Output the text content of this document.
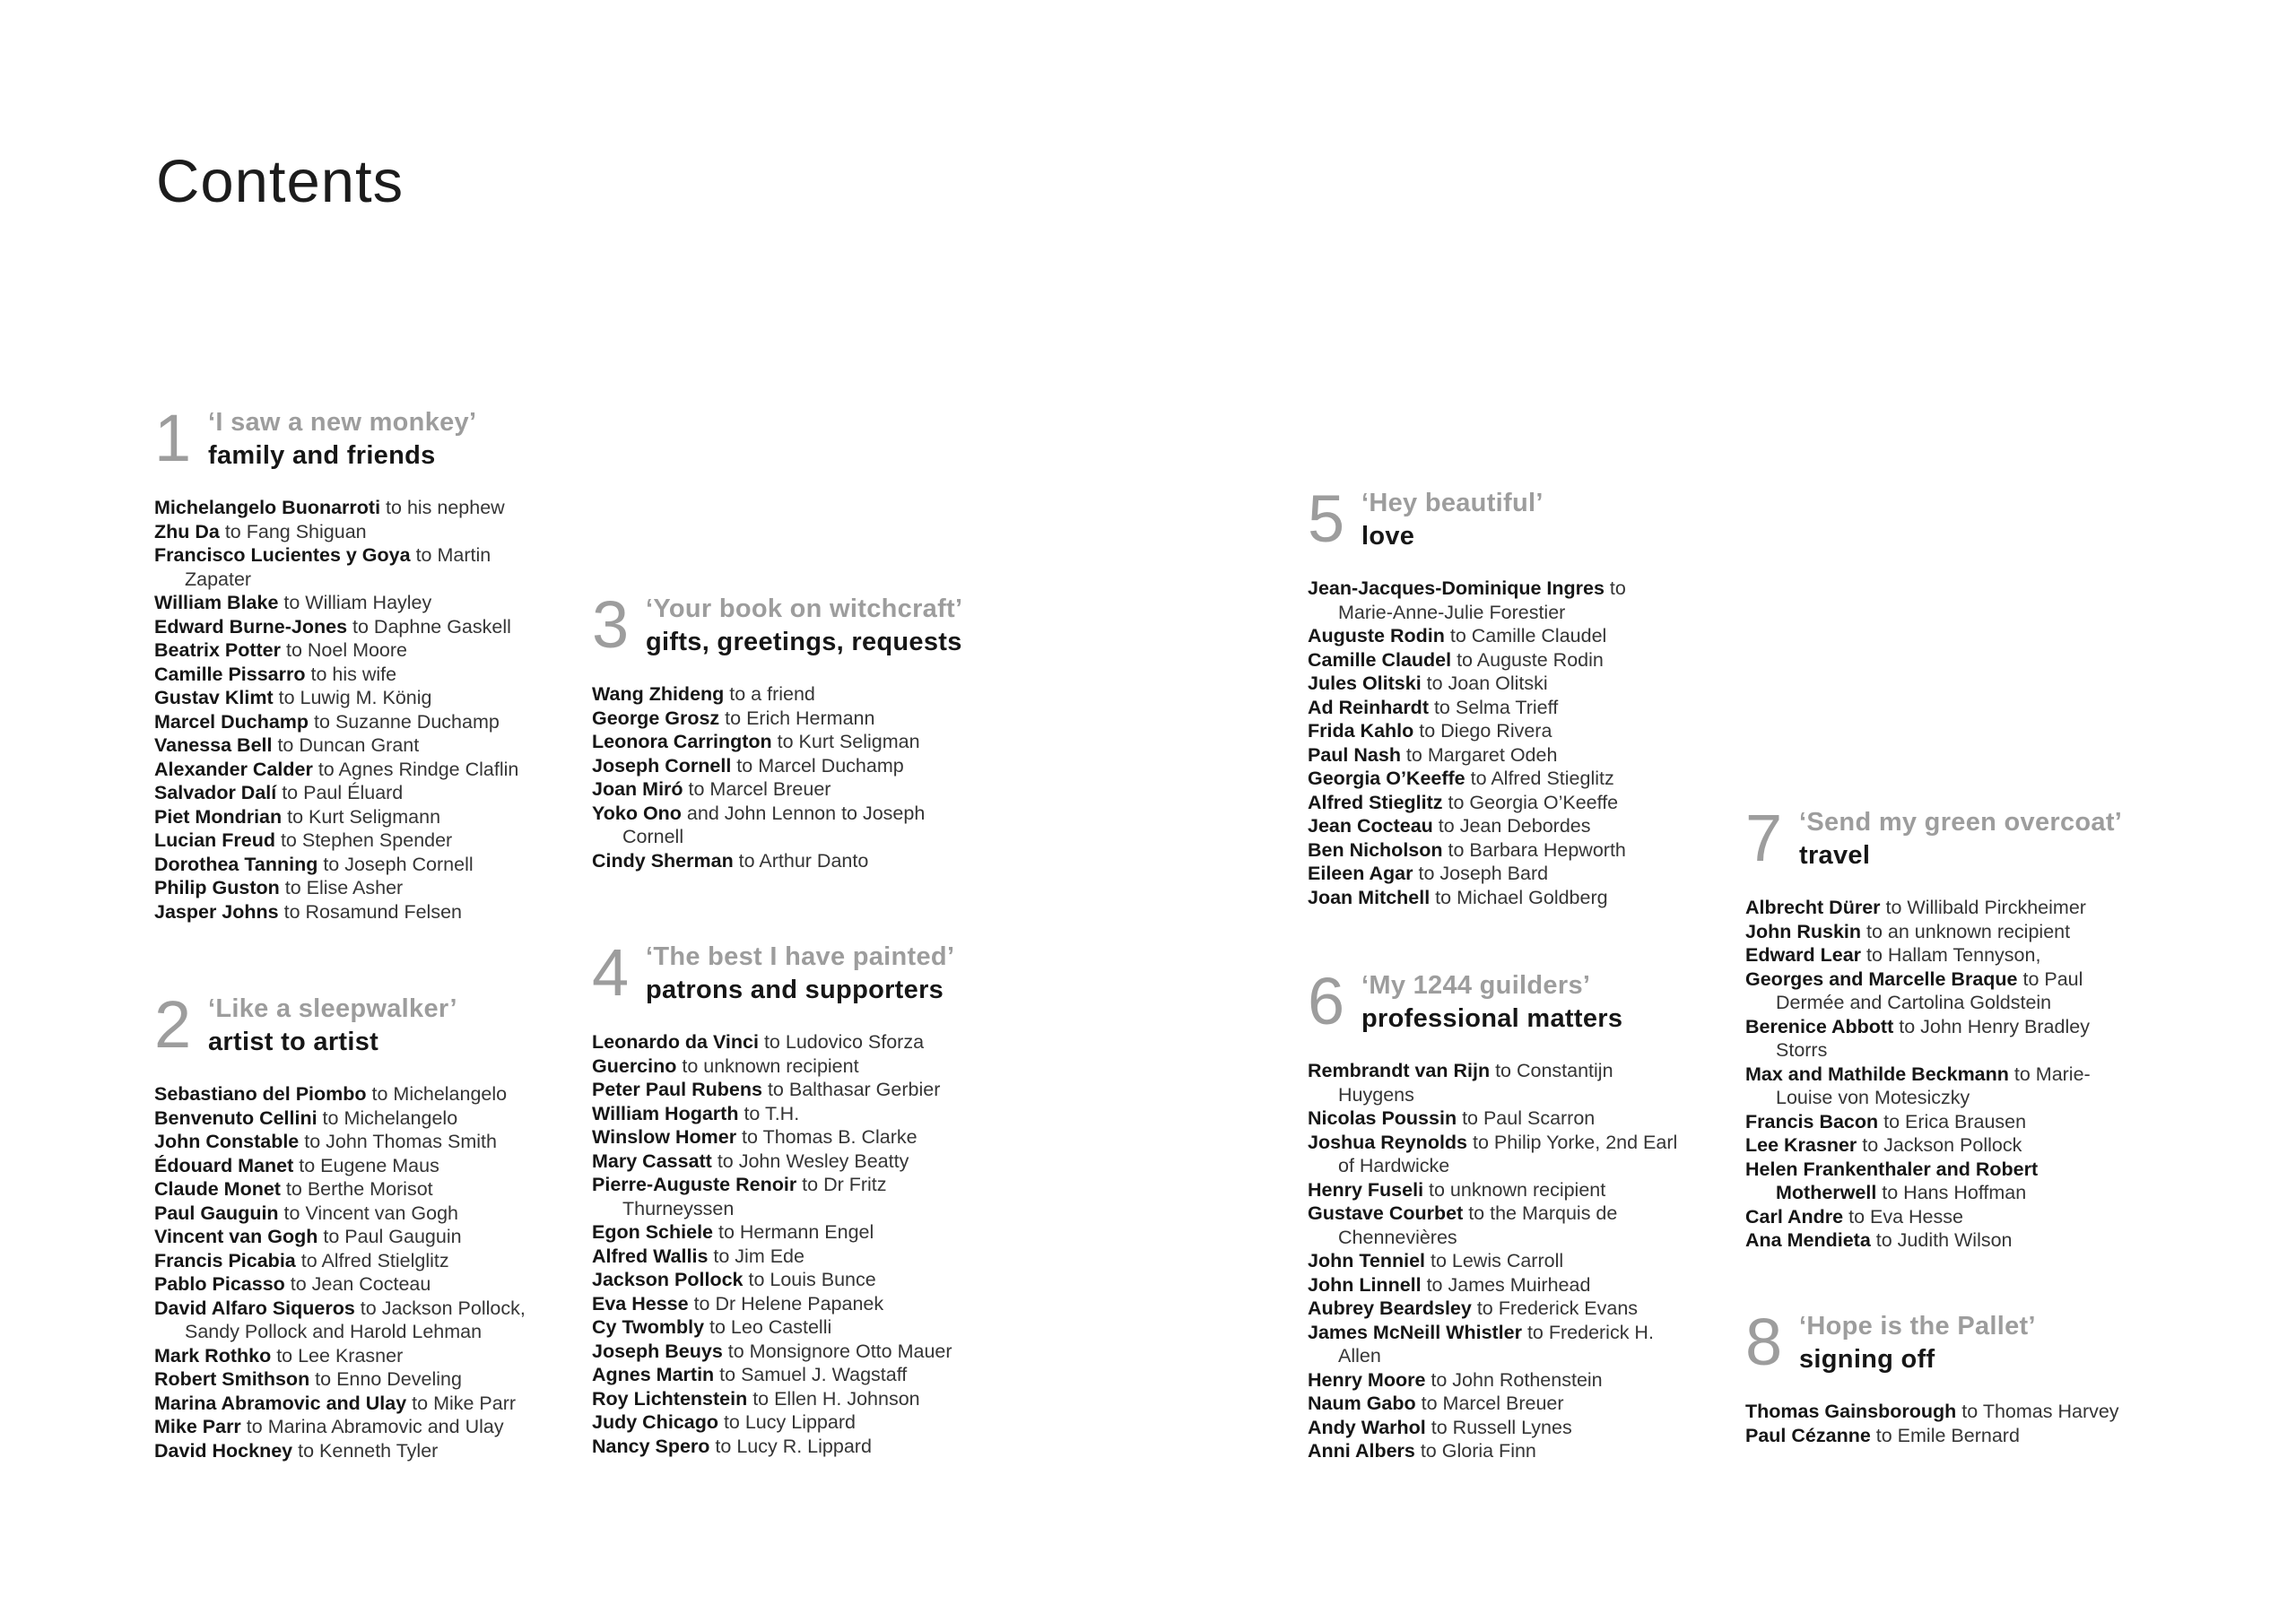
Contents
1 ‘I saw a new monkey’
family and friends
Michelangelo Buonarroti to his nephew
Zhu Da to Fang Shiguan
Francisco Lucientes y Goya to Martin
Zapater
William Blake to William Hayley
Edward Burne-Jones to Daphne Gaskell
Beatrix Potter to Noel Moore
Camille Pissarro to his wife
Gustav Klimt to Luwig M. König
Marcel Duchamp to Suzanne Duchamp
Vanessa Bell to Duncan Grant
Alexander Calder to Agnes Rindge Claflin
Salvador Dalí to Paul Éluard
Piet Mondrian to Kurt Seligmann
Lucian Freud to Stephen Spender
Dorothea Tanning to Joseph Cornell
Philip Guston to Elise Asher
Jasper Johns to Rosamund Felsen
2 ‘Like a sleepwalker’
artist to artist
Sebastiano del Piombo to Michelangelo
Benvenuto Cellini to Michelangelo
John Constable to John Thomas Smith
Édouard Manet to Eugene Maus
Claude Monet to Berthe Morisot
Paul Gauguin to Vincent van Gogh
Vincent van Gogh to Paul Gauguin
Francis Picabia to Alfred Stielglitz
Pablo Picasso to Jean Cocteau
David Alfaro Siqueros to Jackson Pollock,
Sandy Pollock and Harold Lehman
Mark Rothko to Lee Krasner
Robert Smithson to Enno Develing
Marina Abramovic and Ulay to Mike Parr
Mike Parr to Marina Abramovic and Ulay
David Hockney to Kenneth Tyler
3 ‘Your book on witchcraft’
gifts, greetings, requests
Wang Zhideng to a friend
George Grosz to Erich Hermann
Leonora Carrington to Kurt Seligman
Joseph Cornell to Marcel Duchamp
Joan Miró to Marcel Breuer
Yoko Ono and John Lennon to Joseph
Cornell
Cindy Sherman to Arthur Danto
4 ‘The best I have painted’
patrons and supporters
Leonardo da Vinci to Ludovico Sforza
Guercino to unknown recipient
Peter Paul Rubens to Balthasar Gerbier
William Hogarth to T.H.
Winslow Homer to Thomas B. Clarke
Mary Cassatt to John Wesley Beatty
Pierre-Auguste Renoir to Dr Fritz
Thurneyssen
Egon Schiele to Hermann Engel
Alfred Wallis to Jim Ede
Jackson Pollock to Louis Bunce
Eva Hesse to Dr Helene Papanek
Cy Twombly to Leo Castelli
Joseph Beuys to Monsignore Otto Mauer
Agnes Martin to Samuel J. Wagstaff
Roy Lichtenstein to Ellen H. Johnson
Judy Chicago to Lucy Lippard
Nancy Spero to Lucy R. Lippard
5 ‘Hey beautiful’
love
Jean-Jacques-Dominique Ingres to
Marie-Anne-Julie Forestier
Auguste Rodin to Camille Claudel
Camille Claudel to Auguste Rodin
Jules Olitski to Joan Olitski
Ad Reinhardt to Selma Trieff
Frida Kahlo to Diego Rivera
Paul Nash to Margaret Odeh
Georgia O’Keeffe to Alfred Stieglitz
Alfred Stieglitz to Georgia O’Keeffe
Jean Cocteau to Jean Debordes
Ben Nicholson to Barbara Hepworth
Eileen Agar to Joseph Bard
Joan Mitchell to Michael Goldberg
6 ‘My 1244 guilders’
professional matters
Rembrandt van Rijn to Constantijn
Huygens
Nicolas Poussin to Paul Scarron
Joshua Reynolds to Philip Yorke, 2nd Earl
of Hardwicke
Henry Fuseli to unknown recipient
Gustave Courbet to the Marquis de
Chennevières
John Tenniel to Lewis Carroll
John Linnell to James Muirhead
Aubrey Beardsley to Frederick Evans
James McNeill Whistler to Frederick H.
Allen
Henry Moore to John Rothenstein
Naum Gabo to Marcel Breuer
Andy Warhol to Russell Lynes
Anni Albers to Gloria Finn
7 ‘Send my green overcoat’
travel
Albrecht Dürer to Willibald Pirckheimer
John Ruskin to an unknown recipient
Edward Lear to Hallam Tennyson,
Georges and Marcelle Braque to Paul
Dermée and Cartolina Goldstein
Berenice Abbott to John Henry Bradley
Storrs
Max and Mathilde Beckmann to Marie-
Louise von Motesiczky
Francis Bacon to Erica Brausen
Lee Krasner to Jackson Pollock
Helen Frankenthaler and Robert
Motherwell to Hans Hoffman
Carl Andre to Eva Hesse
Ana Mendieta to Judith Wilson
8 ‘Hope is the Pallet’
signing off
Thomas Gainsborough to Thomas Harvey
Paul Cézanne to Emile Bernard
